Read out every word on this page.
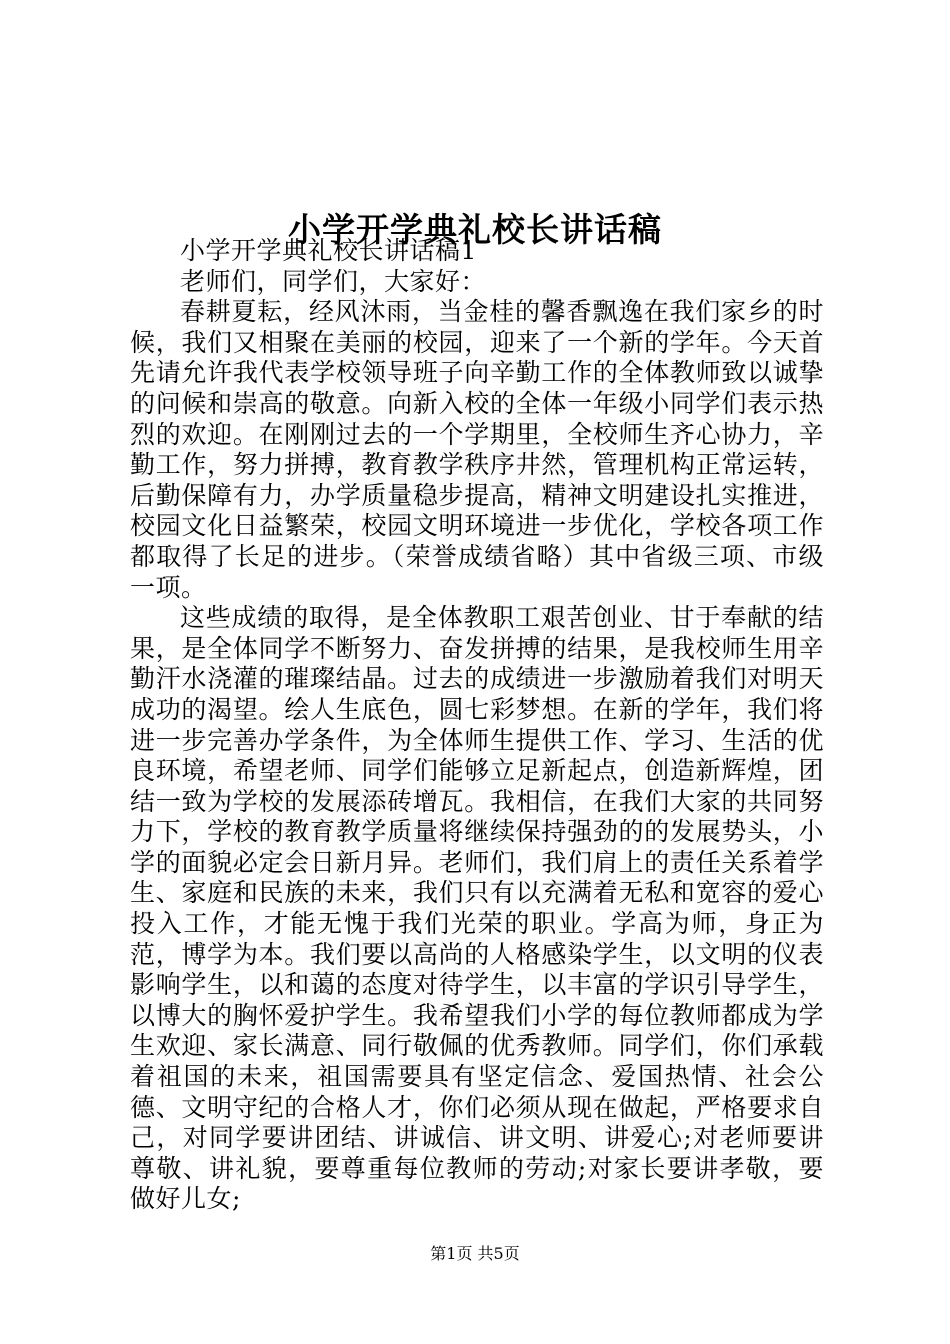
小学开学典礼校长讲话稿

小学开学典礼校长讲话稿1

老师们，同学们，大家好：

春耕夏耘，经风沐雨，当金桂的馨香飘逸在我们家乡的时候，我们又相聚在美丽的校园，迎来了一个新的学年。今天首先请允许我代表学校领导班子向辛勤工作的全体教师致以诚挚的问候和崇高的敬意。向新入校的全体一年级小同学们表示热烈的欢迎。在刚刚过去的一个学期里，全校师生齐心协力，辛勤工作，努力拼搏，教育教学秩序井然，管理机构正常运转，后勤保障有力，办学质量稳步提高，精神文明建设扎实推进，校园文化日益繁荣，校园文明环境进一步优化，学校各项工作都取得了长足的进步。（荣誉成绩省略）其中省级三项、市级一项。

这些成绩的取得，是全体教职工艰苦创业、甘于奉献的结果，是全体同学不断努力、奋发拼搏的结果，是我校师生用辛勤汗水浇灌的璀璨结晶。过去的成绩进一步激励着我们对明天成功的渴望。绘人生底色，圆七彩梦想。在新的学年，我们将进一步完善办学条件，为全体师生提供工作、学习、生活的优良环境，希望老师、同学们能够立足新起点，创造新辉煌，团结一致为学校的发展添砖增瓦。我相信，在我们大家的共同努力下，学校的教育教学质量将继续保持强劲的的发展势头，小学的面貌必定会日新月异。老师们，我们肩上的责任关系着学生、家庭和民族的未来，我们只有以充满着无私和宽容的爱心投入工作，才能无愧于我们光荣的职业。学高为师，身正为范，博学为本。我们要以高尚的人格感染学生，以文明的仪表影响学生，以和蔼的态度对待学生，以丰富的学识引导学生，以博大的胸怀爱护学生。我希望我们小学的每位教师都成为学生欢迎、家长满意、同行敬佩的优秀教师。同学们，你们承载着祖国的未来，祖国需要具有坚定信念、爱国热情、社会公德、文明守纪的合格人才，你们必须从现在做起，严格要求自己，对同学要讲团结、讲诚信、讲文明、讲爱心;对老师要讲尊敬、讲礼貌，要尊重每位教师的劳动;对家长要讲孝敬，要做好儿女;

第1页 共5页
